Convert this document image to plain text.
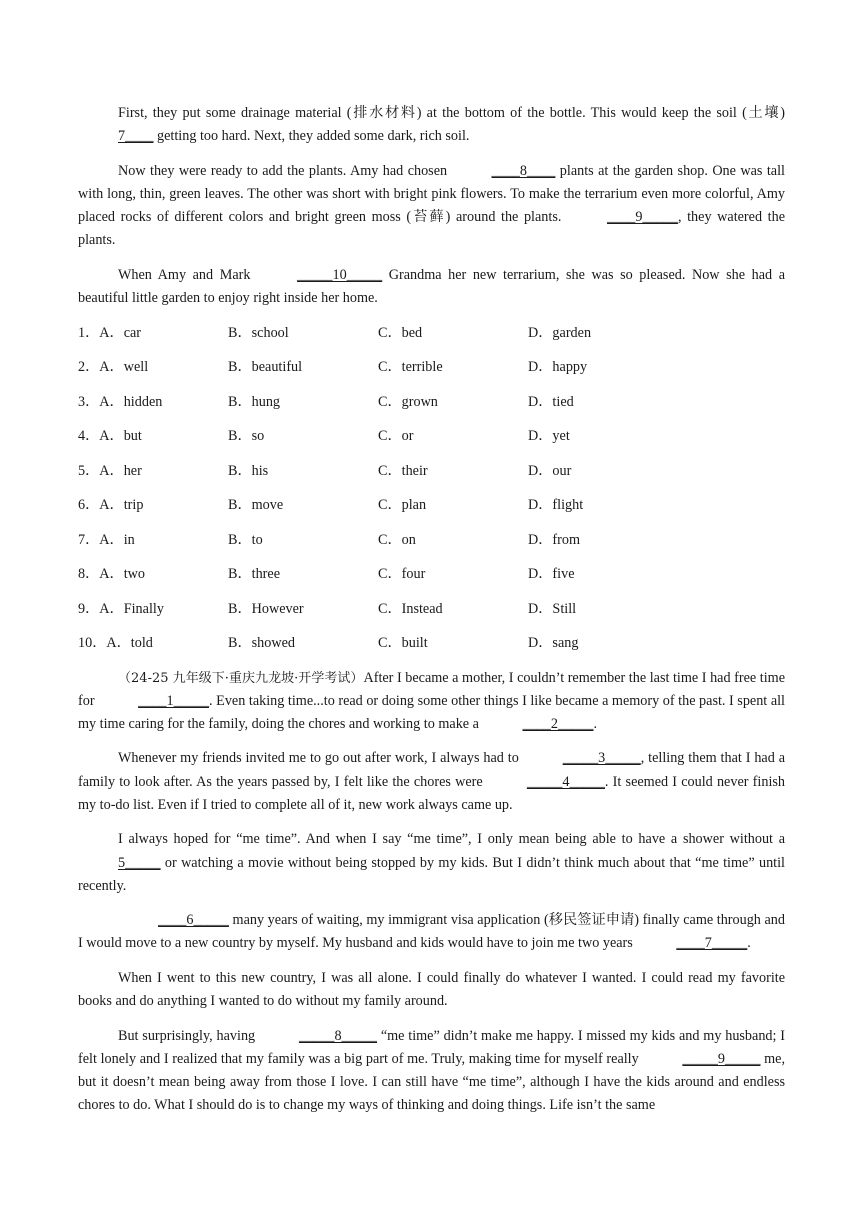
First, they put some drainage material (排水材料) at the bottom of the bottle. This would keep the soil (土壤) 7____ getting too hard. Next, they added some dark, rich soil.

Now they were ready to add the plants. Amy had chosen	____8____ plants at the garden shop. One was tall with long, thin, green leaves. The other was short with bright pink flowers. To make the terrarium even more colorful, Amy placed rocks of different colors and bright green moss (苔藓) around the plants.	____9_____, they watered the plants.

When Amy and Mark	_____10_____ Grandma her new terrarium, she was so pleased. Now she had a beautiful little garden to enjoy right inside her home.

1．A．car	B．school	C．bed	D．garden
2．A．well	B．beautiful	C．terrible	D．happy
3．A．hidden	B．hung	C．grown	D．tied
4．A．but	B．so	C．or	D．yet
5．A．her	B．his	C．their	D．our
6．A．trip	B．move	C．plan	D．flight
7．A．in	B．to	C．on	D．from
8．A．two	B．three	C．four	D．five
9．A．Finally	B．However	C．Instead	D．Still
10．A．told	B．showed	C．built	D．sang

（24-25 九年级下·重庆九龙坡·开学考试）After I became a mother, I couldn’t remember the last time I had free time for	____1_____. Even taking time...to read or doing some other things I like became a memory of the past. I spent all my time caring for the family, doing the chores and working to make a	____2_____.

Whenever my friends invited me to go out after work, I always had to	_____3_____, telling them that I had a family to look after. As the years passed by, I felt like the chores were	_____4_____. It seemed I could never finish my to-do list. Even if I tried to complete all of it, new work always came up.

I always hoped for “me time”. And when I say “me time”, I only mean being able to have a shower without a 5_____ or watching a movie without being stopped by my kids. But I didn’t think much about that “me time” until recently.

____6_____ many years of waiting, my immigrant visa application (移民签证申请) finally came through and I would move to a new country by myself. My husband and kids would have to join me two years	____7_____.

When I went to this new country, I was all alone. I could finally do whatever I wanted. I could read my favorite books and do anything I wanted to do without my family around.

But surprisingly, having	_____8_____ “me time” didn’t make me happy. I missed my kids and my husband; I felt lonely and I realized that my family was a big part of me. Truly, making time for myself really	_____9_____ me, but it doesn’t mean being away from those I love. I can still have “me time”, although I have the kids around and endless chores to do. What I should do is to change my ways of thinking and doing things. Life isn’t the same
